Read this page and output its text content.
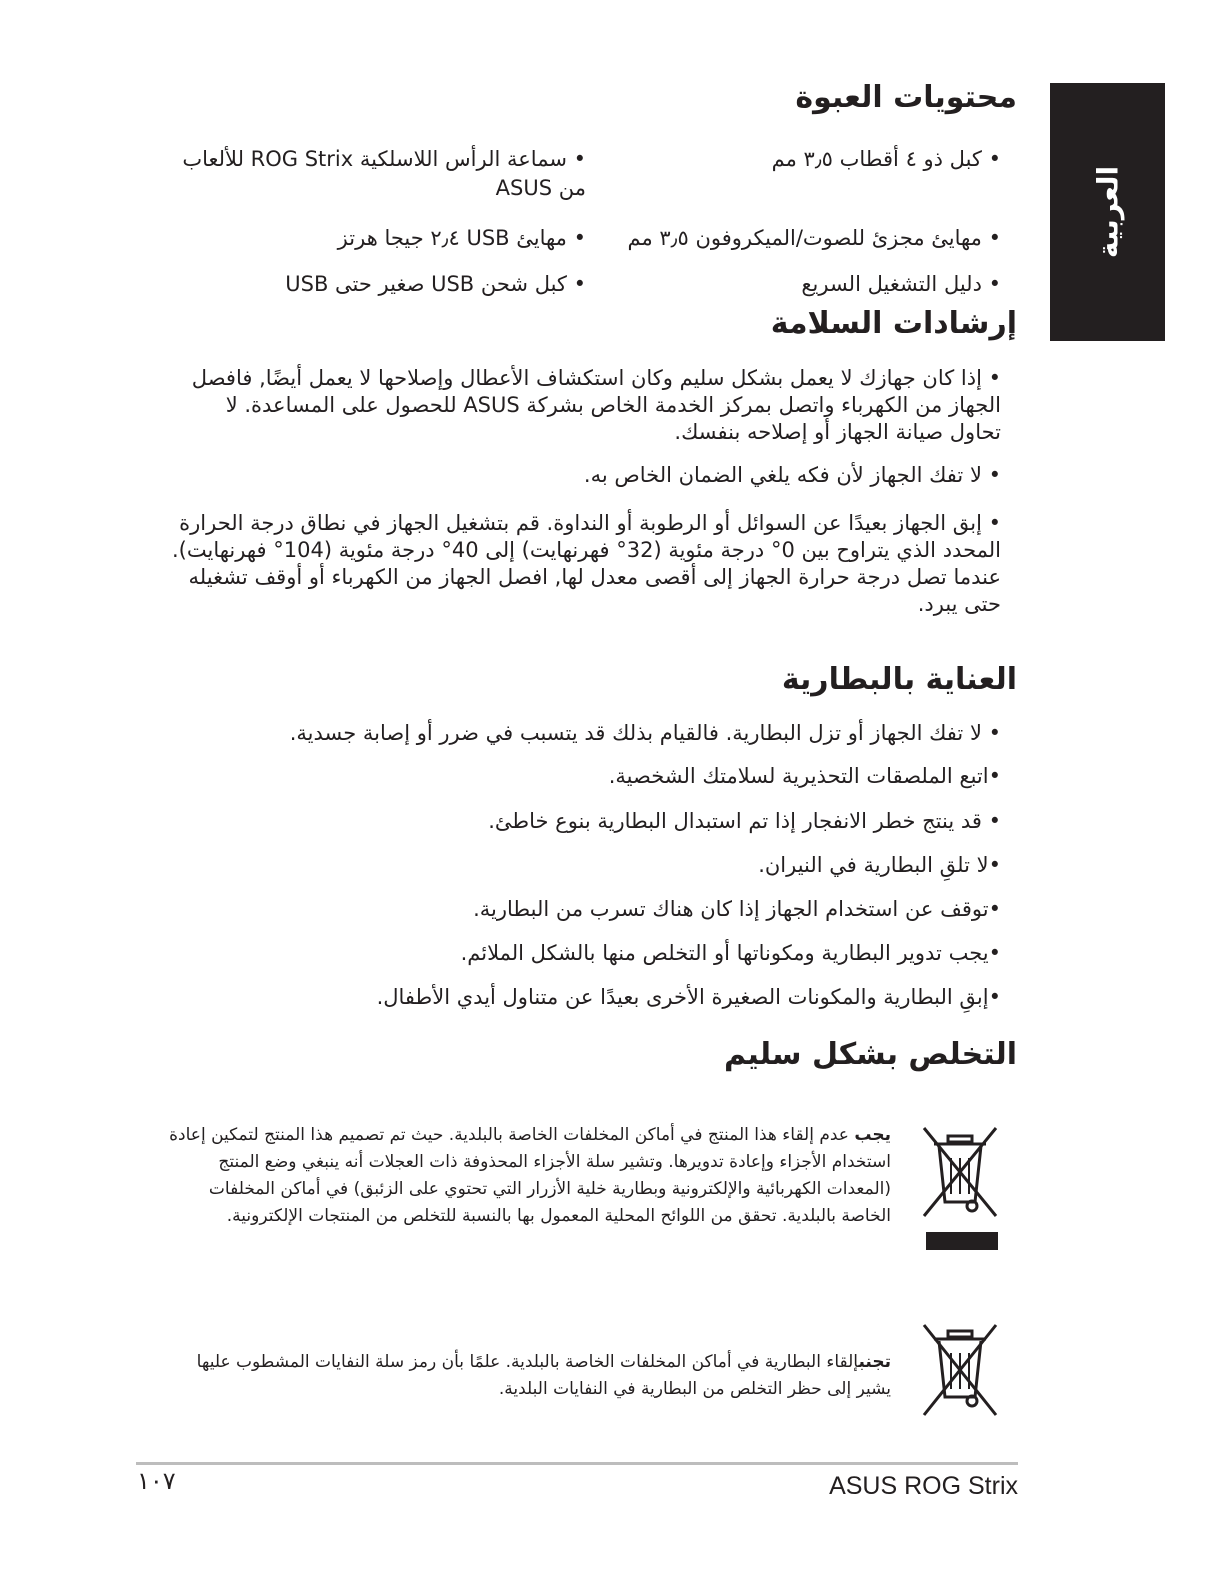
العربية
محتويات العبوة
• كبل ذو ٤ أقطاب ٣٫٥ مم
• سماعة الرأس اللاسلكية ROG Strix للألعاب من ASUS
• مهايئ مجزئ للصوت/الميكروفون ٣٫٥ مم
• مهايئ USB ٢٫٤ جيجا هرتز
• دليل التشغيل السريع
• كبل شحن USB صغير حتى USB
إرشادات السلامة
• إذا كان جهازك لا يعمل بشكل سليم وكان استكشاف الأعطال وإصلاحها لا يعمل أيضًا, فافصل الجهاز من الكهرباء واتصل بمركز الخدمة الخاص بشركة ASUS للحصول على المساعدة. لا تحاول صيانة الجهاز أو إصلاحه بنفسك.
• لا تفك الجهاز لأن فكه يلغي الضمان الخاص به.
• إبق الجهاز بعيدًا عن السوائل أو الرطوبة أو النداوة. قم بتشغيل الجهاز في نطاق درجة الحرارة المحدد الذي يتراوح بين 0° درجة مئوية (32° فهرنهايت) إلى 40° درجة مئوية (104° فهرنهايت). عندما تصل درجة حرارة الجهاز إلى أقصى معدل لها, افصل الجهاز من الكهرباء أو أوقف تشغيله حتى يبرد.
العناية بالبطارية
• لا تفك الجهاز أو تزل البطارية. فالقيام بذلك قد يتسبب في ضرر أو إصابة جسدية.
•اتبع الملصقات التحذيرية لسلامتك الشخصية.
• قد ينتج خطر الانفجار إذا تم استبدال البطارية بنوع خاطئ.
•لا تلقِ البطارية في النيران.
•توقف عن استخدام الجهاز إذا كان هناك تسرب من البطارية.
•يجب تدوير البطارية ومكوناتها أو التخلص منها بالشكل الملائم.
•إبقِ البطارية والمكونات الصغيرة الأخرى بعيدًا عن متناول أيدي الأطفال.
التخلص بشكل سليم
يجب عدم إلقاء هذا المنتج في أماكن المخلفات الخاصة بالبلدية. حيث تم تصميم هذا المنتج لتمكين إعادة استخدام الأجزاء وإعادة تدويرها. وتشير سلة الأجزاء المحذوفة ذات العجلات أنه ينبغي وضع المنتج (المعدات الكهربائية والإلكترونية وبطارية خلية الأزرار التي تحتوي على الزئبق) في أماكن المخلفات الخاصة بالبلدية. تحقق من اللوائح المحلية المعمول بها بالنسبة للتخلص من المنتجات الإلكترونية.
تجنبإلقاء البطارية في أماكن المخلفات الخاصة بالبلدية. علمًا بأن رمز سلة النفايات المشطوب عليها يشير إلى حظر التخلص من البطارية في النفايات البلدية.
ASUS ROG Strix
١٠٧
